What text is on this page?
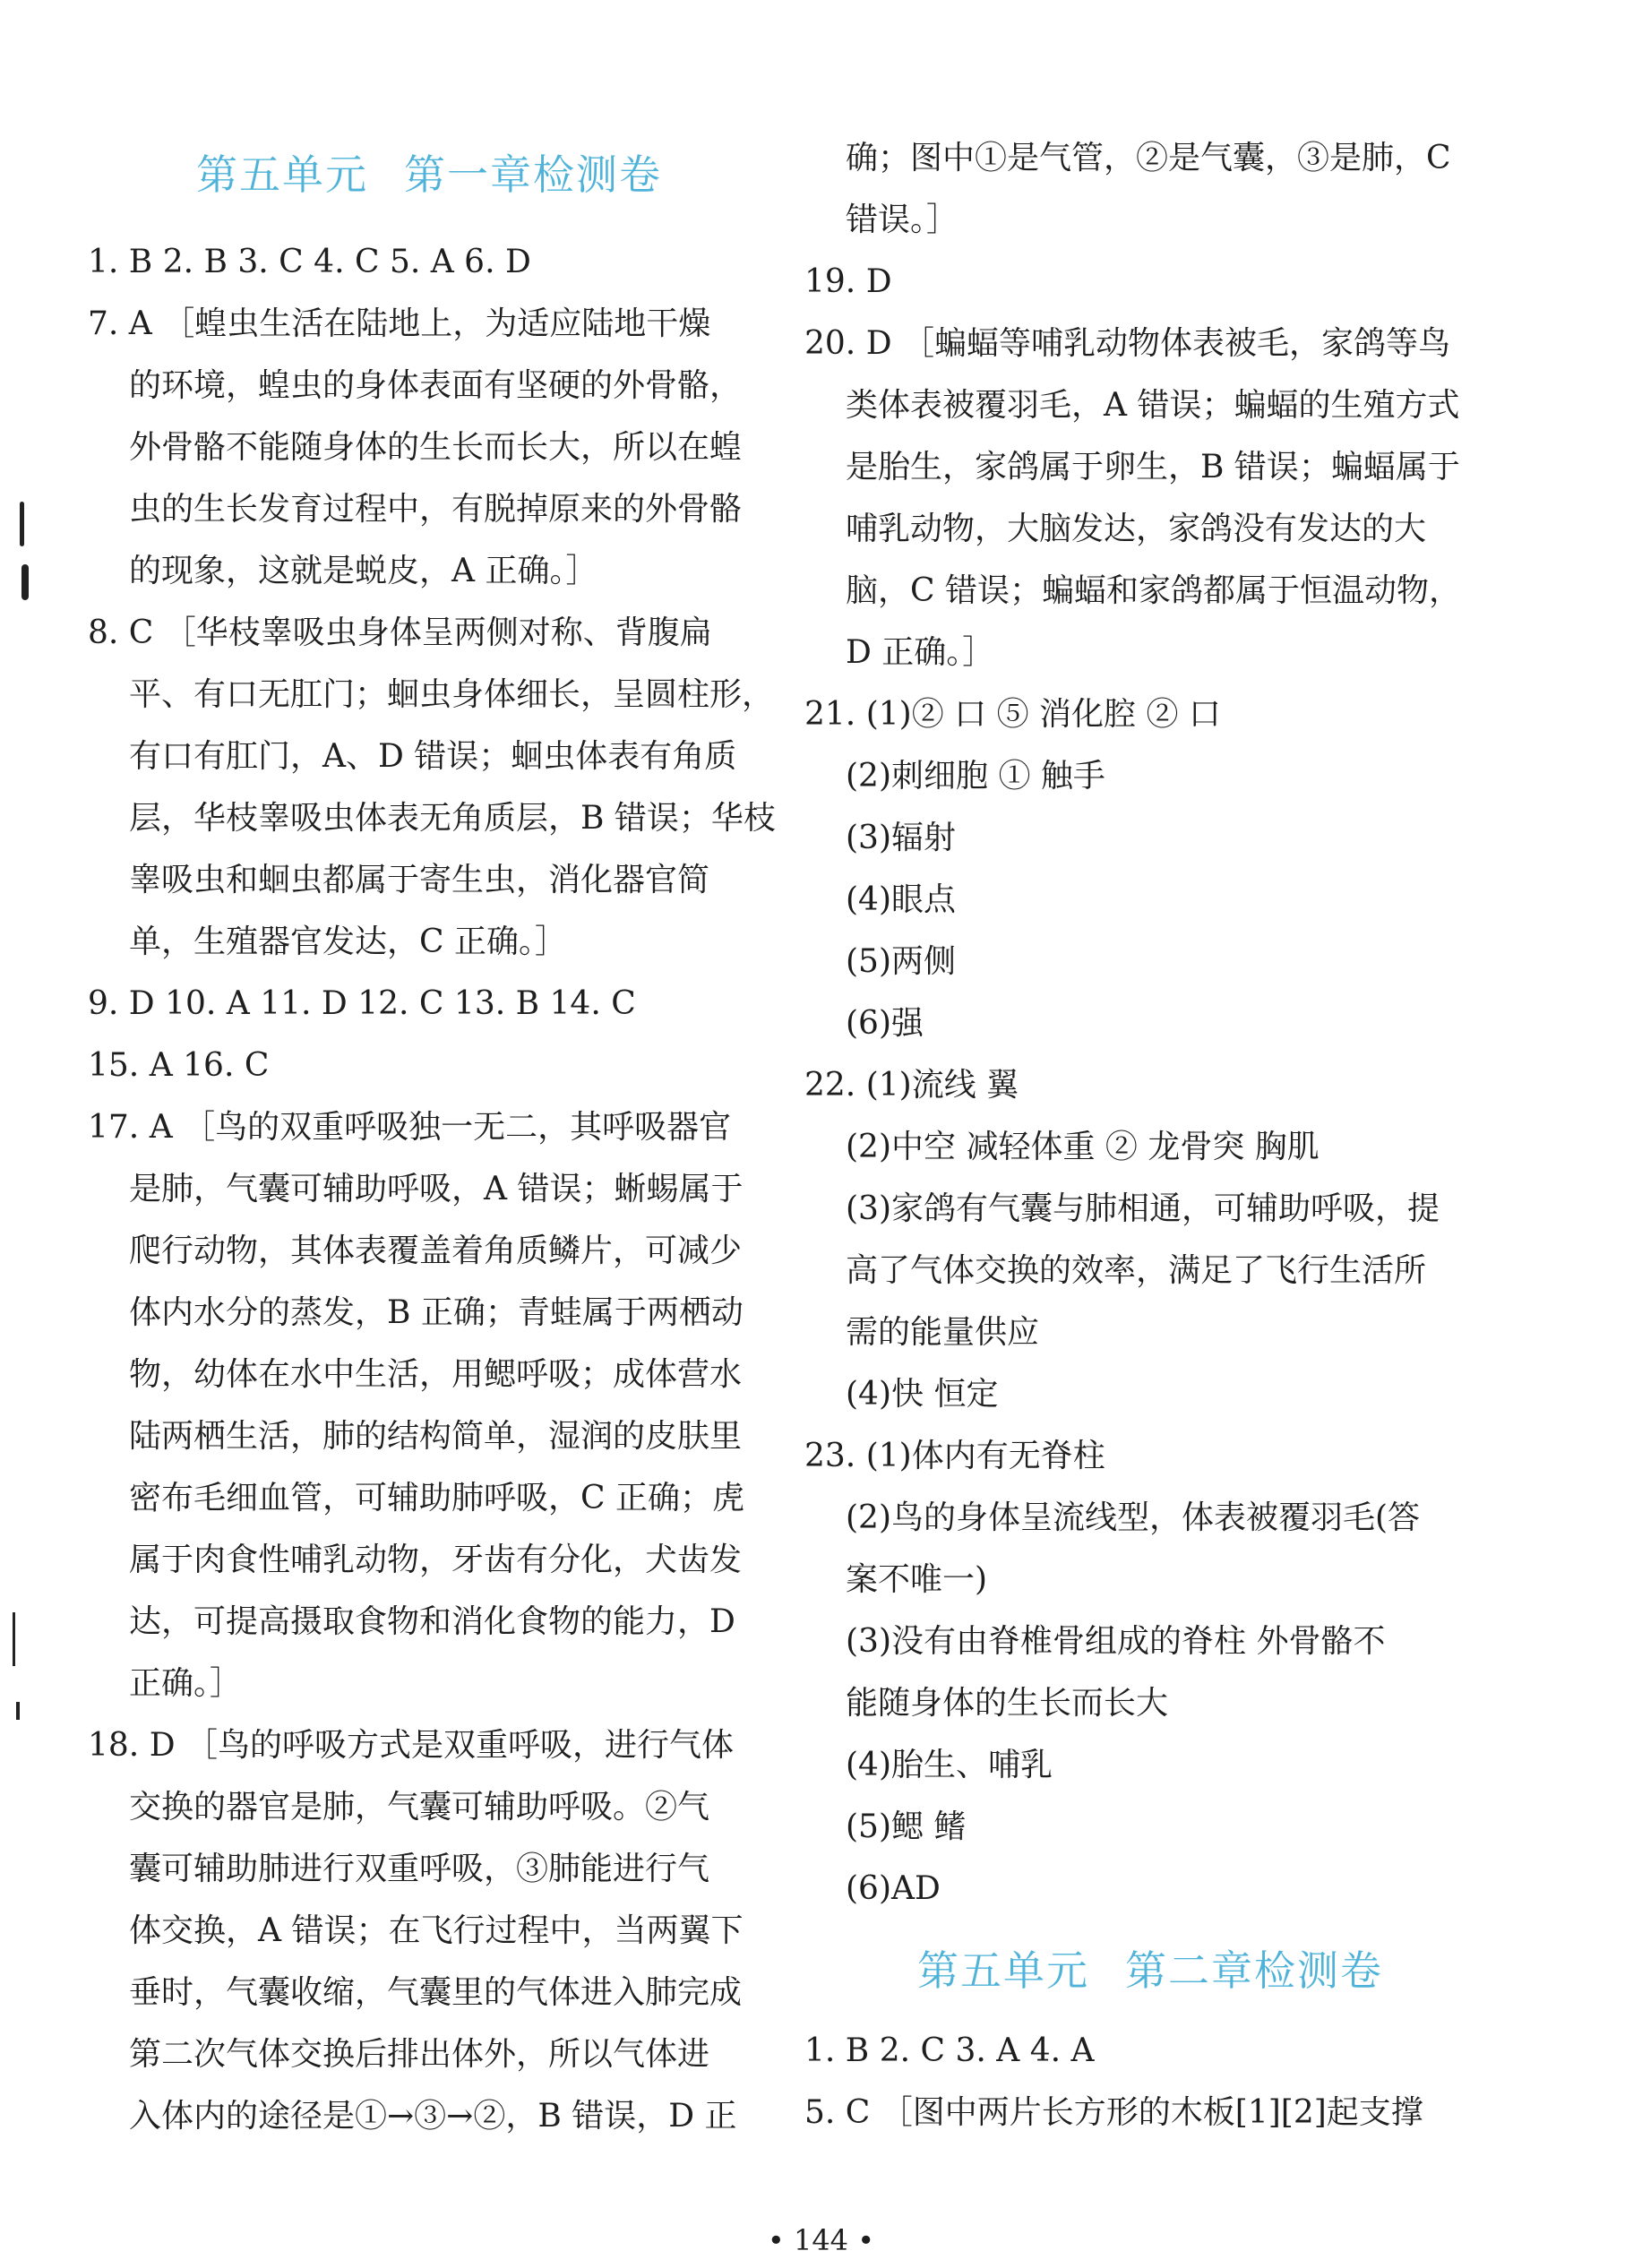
第五单元 第一章检测卷
1. B 2. B 3. C 4. C 5. A 6. D
7. A ［蝗虫生活在陆地上，为适应陆地干燥
的环境，蝗虫的身体表面有坚硬的外骨骼，
外骨骼不能随身体的生长而长大，所以在蝗
虫的生长发育过程中，有脱掉原来的外骨骼
的现象，这就是蜕皮，A 正确。］
8. C ［华枝睾吸虫身体呈两侧对称、背腹扁
平、有口无肛门；蛔虫身体细长，呈圆柱形，
有口有肛门，A、D 错误；蛔虫体表有角质
层，华枝睾吸虫体表无角质层，B 错误；华枝
睾吸虫和蛔虫都属于寄生虫，消化器官简
单，生殖器官发达，C 正确。］
9. D 10. A 11. D 12. C 13. B 14. C
15. A 16. C
17. A ［鸟的双重呼吸独一无二，其呼吸器官
是肺，气囊可辅助呼吸，A 错误；蜥蜴属于
爬行动物，其体表覆盖着角质鳞片，可减少
体内水分的蒸发，B 正确；青蛙属于两栖动
物，幼体在水中生活，用鳃呼吸；成体营水
陆两栖生活，肺的结构简单，湿润的皮肤里
密布毛细血管，可辅助肺呼吸，C 正确；虎
属于肉食性哺乳动物，牙齿有分化，犬齿发
达，可提高摄取食物和消化食物的能力，D
正确。］
18. D ［鸟的呼吸方式是双重呼吸，进行气体
交换的器官是肺，气囊可辅助呼吸。②气
囊可辅助肺进行双重呼吸，③肺能进行气
体交换，A 错误；在飞行过程中，当两翼下
垂时，气囊收缩，气囊里的气体进入肺完成
第二次气体交换后排出体外，所以气体进
入体内的途径是①→③→②，B 错误，D 正
确；图中①是气管，②是气囊，③是肺，C
错误。］
19. D
20. D ［蝙蝠等哺乳动物体表被毛，家鸽等鸟
类体表被覆羽毛，A 错误；蝙蝠的生殖方式
是胎生，家鸽属于卵生，B 错误；蝙蝠属于
哺乳动物，大脑发达，家鸽没有发达的大
脑，C 错误；蝙蝠和家鸽都属于恒温动物，
D 正确。］
21. (1)② 口 ⑤ 消化腔 ② 口
(2)刺细胞 ① 触手
(3)辐射
(4)眼点
(5)两侧
(6)强
22. (1)流线 翼
(2)中空 减轻体重 ② 龙骨突 胸肌
(3)家鸽有气囊与肺相通，可辅助呼吸，提
高了气体交换的效率，满足了飞行生活所
需的能量供应
(4)快 恒定
23. (1)体内有无脊柱
(2)鸟的身体呈流线型，体表被覆羽毛(答
案不唯一)
(3)没有由脊椎骨组成的脊柱 外骨骼不
能随身体的生长而长大
(4)胎生、哺乳
(5)鳃 鳍
(6)AD
第五单元 第二章检测卷
1. B 2. C 3. A 4. A
5. C ［图中两片长方形的木板[1][2]起支撑
• 144 •
